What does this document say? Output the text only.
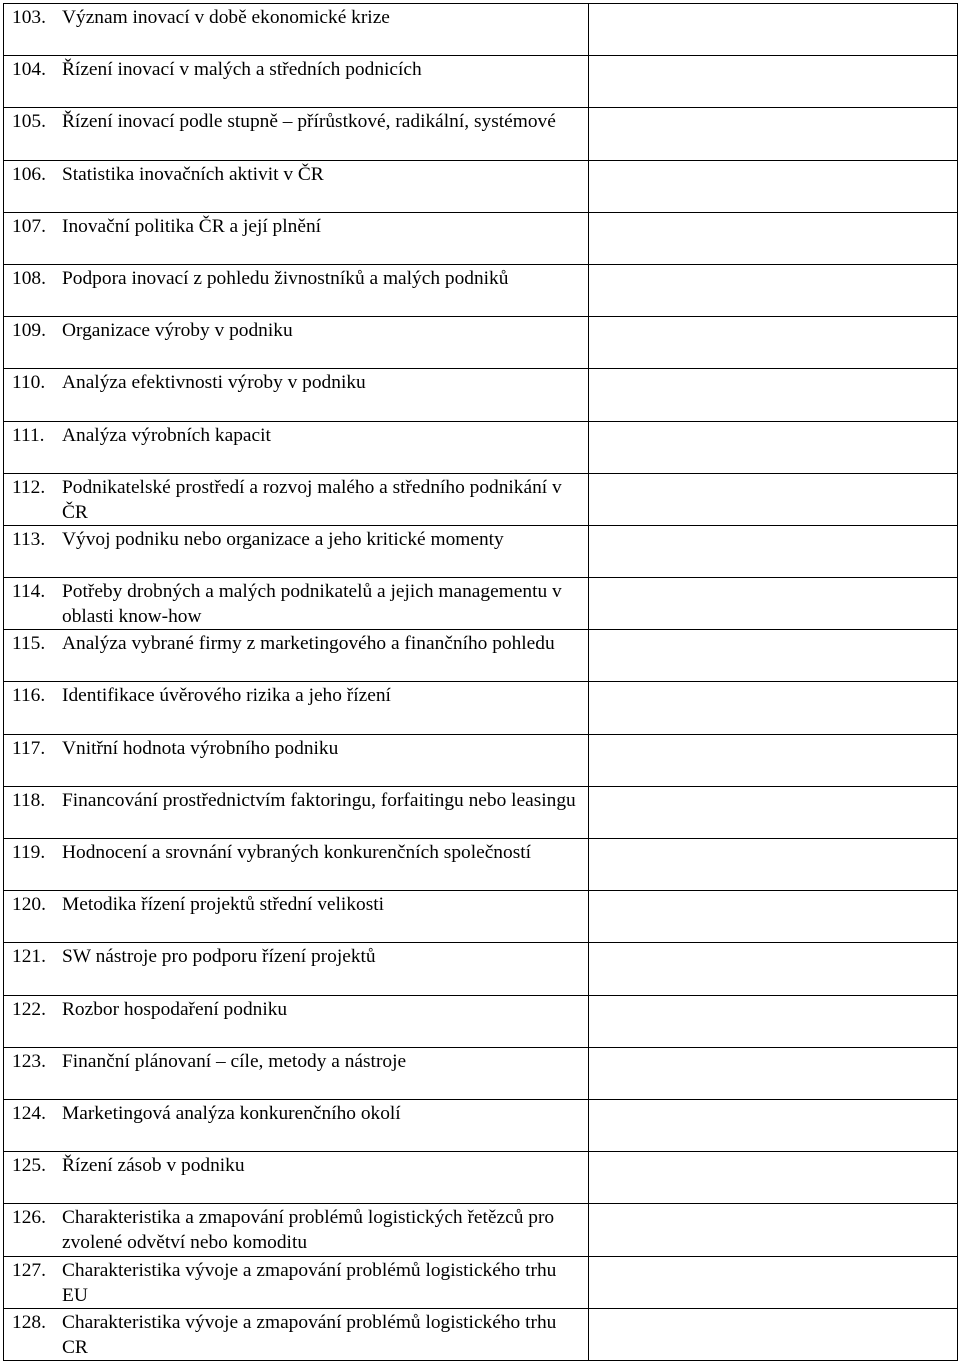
103. Význam inovací v době ekonomické krize	

104. Řízení inovací v malých a středních podnicích	

105. Řízení inovací podle stupně – přírůstkové, radikální, systémové	

106. Statistika inovačních aktivit v ČR	

107. Inovační politika ČR a její plnění	

108. Podpora inovací z pohledu živnostníků a malých podniků	

109. Organizace výroby v podniku	

110. Analýza efektivnosti výroby v podniku	

111. Analýza výrobních kapacit	

112. Podnikatelské prostředí a rozvoj malého a středního podnikání v ČR	

113. Vývoj podniku nebo organizace a jeho kritické momenty	

114. Potřeby drobných a malých podnikatelů a jejich managementu v oblasti know-how	

115. Analýza vybrané firmy z marketingového a finančního pohledu	

116. Identifikace úvěrového rizika a jeho řízení	

117. Vnitřní hodnota výrobního podniku	

118. Financování prostřednictvím faktoringu, forfaitingu nebo leasingu	

119. Hodnocení a srovnání vybraných konkurenčních společností	

120. Metodika řízení projektů střední velikosti	

121. SW nástroje pro podporu řízení projektů	

122. Rozbor hospodaření podniku	

123. Finanční plánovaní – cíle, metody a nástroje	

124. Marketingová analýza konkurenčního okolí	

125. Řízení zásob v podniku	

126. Charakteristika a zmapování problémů logistických řetězců pro zvolené odvětví nebo komoditu	

127. Charakteristika vývoje a zmapování problémů logistického trhu EU	

128. Charakteristika vývoje a zmapování problémů logistického trhu CR	
